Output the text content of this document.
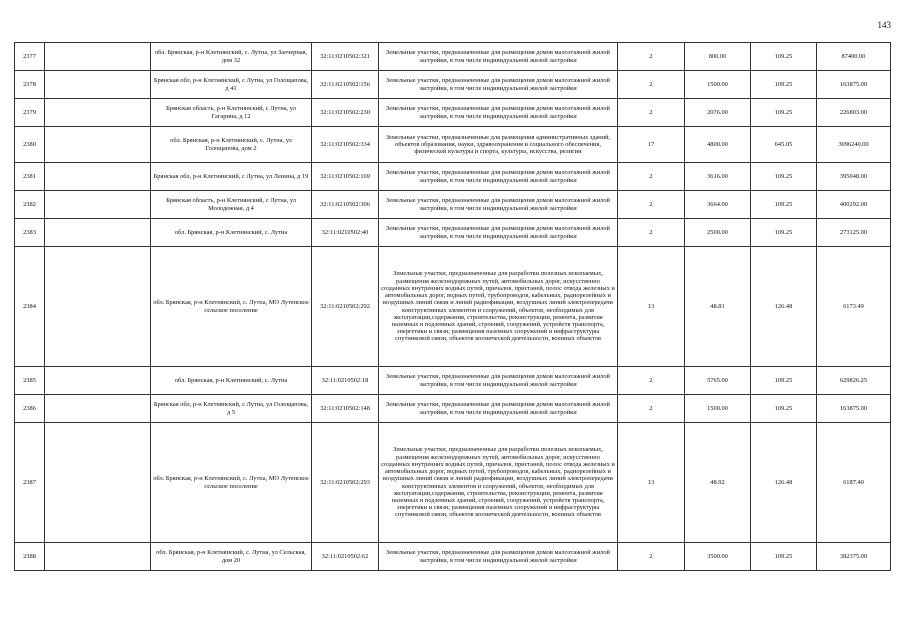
143
2377		обл. Брянская, р-н Клетнянский, с. Лутна, ул Заочерная, дом 32	32:11:0210502:321	Земельные участки, предназначенные для размещения домов малоэтажной жилой застройки, в том числе индивидуальной жилой застройки	2	800.00	109.25	87400.00
2378		Брянская обл, р-н Клетнянский, с Лутна, ул Голощапова, д 41	32:11:0210502:156	Земельные участки, предназначенные для размещения домов малоэтажной жилой застройки, в том числе индивидуальной жилой застройки	2	1500.00	109.25	163875.00
2379		Брянская область, р-н Клетнянский, с Лутна, ул Гагарина, д 12	32:11:0210502:230	Земельные участки, предназначенные для размещения домов малоэтажной жилой застройки, в том числе индивидуальной жилой застройки	2	2076.00	109.25	226803.00
2380		обл. Брянская, р-н Клетнянский, с. Лутна, ул Голощапова, дом 2	32:11:0210502:334	Земельные участки, предназначенные для размещения административных зданий, объектов образования, науки, здравоохранения и социального обеспечения, физической культуры и спорта, культуры, искусства, религии	17	4800.00	645.05	3096240.00
2381		Брянская обл, р-н Клетнянский, с Лутна, ул Ленина, д 19	32:11:0210502:169	Земельные участки, предназначенные для размещения домов малоэтажной жилой застройки, в том числе индивидуальной жилой застройки	2	3616.00	109.25	395048.00
2382		Брянская область, р-н Клетнянский, с Лутна, ул Молодежная, д 4	32:11:0210502:306	Земельные участки, предназначенные для размещения домов малоэтажной жилой застройки, в том числе индивидуальной жилой застройки	2	3664.00	109.25	400292.00
2383		обл. Брянская, р-н Клетнянский, с. Лутна	32:11:0210502:40	Земельные участки, предназначенные для размещения домов малоэтажной жилой застройки, в том числе индивидуальной жилой застройки	2	2500.00	109.25	273125.00
2384		обл. Брянская, р-н Клетнянский, с. Лутна, МО Лутенское сельское поселение	32:11:0210502:292	Земельные участки, предназначенные для разработки полезных ископаемых, размещения железнодорожных путей, автомобильных дорог, искусственно созданных внутренних водных путей, причалов, пристаней, полос отвода железных и автомобильных дорог, водных путей, трубопроводов, кабельных, радиорелейных и воздушных линий связи и линий радиофикации, воздушных линий электропередачи конструктивных элементов и сооружений, объектов, необходимых для эксплуатации,содержания, строительства, реконструкции, ремонта, развития наземных и подземных зданий, строений, сооружений, устройств транспорта, энергетики и связи; размещения наземных сооружений и инфраструктуры спутниковой связи, объектов космической деятельности, военных объектов	13	48.81	126.48	6173.49
2385		обл. Брянская, р-н Клетнянский, с. Лутна	32:11:0210502:18	Земельные участки, предназначенные для размещения домов малоэтажной жилой застройки, в том числе индивидуальной жилой застройки	2	5765.00	109.25	629826.25
2386		Брянская обл, р-н Клетнянский, с Лутна, ул Голощапова, д 5	32:11:0210502:148	Земельные участки, предназначенные для размещения домов малоэтажной жилой застройки, в том числе индивидуальной жилой застройки	2	1500.00	109.25	163875.00
2387		обл. Брянская, р-н Клетнянский, с. Лутна, МО Лутенское сельское поселение	32:11:0210502:293	Земельные участки, предназначенные для разработки полезных ископаемых, размещения железнодорожных путей, автомобильных дорог, искусственно созданных внутренних водных путей, причалов, пристаней, полос отвода железных и автомобильных дорог, водных путей, трубопроводов, кабельных, радиорелейных и воздушных линий связи и линий радиофикации, воздушных линий электропередачи конструктивных элементов и сооружений, объектов, необходимых для эксплуатации,содержания, строительства, реконструкции, ремонта, развития наземных и подземных зданий, строений, сооружений, устройств транспорта, энергетики и связи; размещения наземных сооружений и инфраструктуры спутниковой связи, объектов космической деятельности, военных объектов	13	48.92	126.48	6187.40
2388		обл. Брянская, р-н Клетнянский, с. Лутна, ул Сельская, дом 20	32:11:0210502:62	Земельные участки, предназначенные для размещения домов малоэтажной жилой застройки, в том числе индивидуальной жилой застройки	2	3500.00	109.25	382375.00
